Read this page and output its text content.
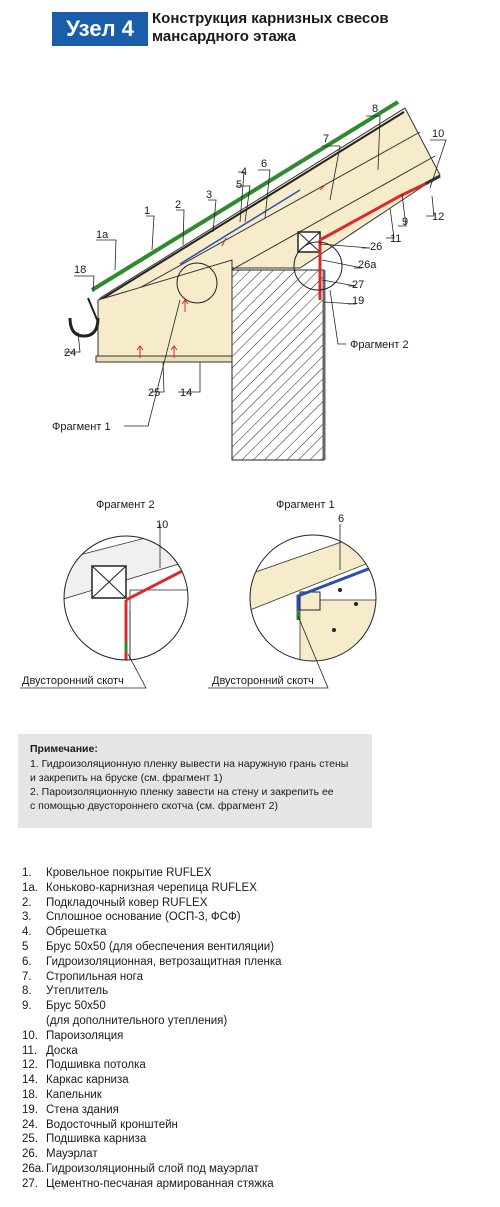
Узел 4	Конструкция карнизных свесов
мансардного этажа
8
10
7
6
4
5
3
2
1
1a
18
24
25 14
9 12
11
26
26a
27
19
Фрагмент 1
Фрагмент 2
Фрагмент 2
10
Двусторонний скотч
Фрагмент 1
6
Двусторонний скотч
Примечание:
1. Гидроизоляционную пленку вывести на наружную грань стены
и закрепить на бруске (см. фрагмент 1)
2. Пароизоляционную пленку завести на стену и закрепить ее
с помощью двустороннего скотча (см. фрагмент 2)
1.	Кровельное покрытие RUFLEX
1a. Коньково-карнизная черепица RUFLEX
2.	Подкладочный ковер RUFLEX
3.	Сплошное основание (ОСП-3, ФСФ)
4.	Обрешетка
5	Брус 50х50 (для обеспечения вентиляции)
6.	Гидроизоляционная, ветрозащитная пленка
7.	Стропильная нога
8.	Утеплитель
9.	Брус 50х50
(для дополнительного утепления)
10. Пароизоляция
11. Доска
12. Подшивка потолка
14. Каркас карниза
18. Капельник
19. Стена здания
24. Водосточный кронштейн
25. Подшивка карниза
26. Мауэрлат
26a. Гидроизоляционный слой под мауэрлат
27. Цементно-песчаная армированная стяжка
